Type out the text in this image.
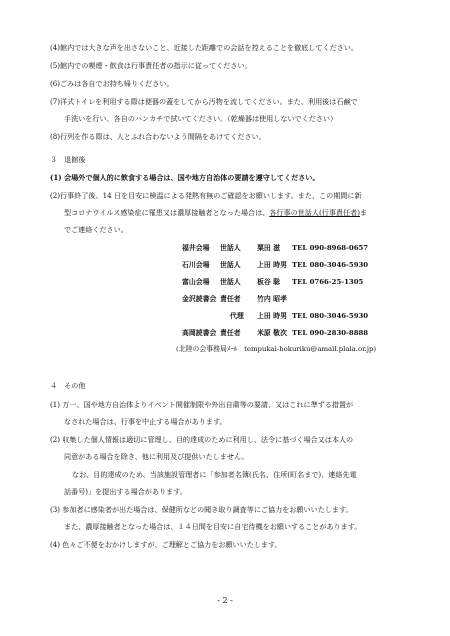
(4)館内では大きな声を出さないこと、近接した距離での会話を控えることを徹底してください。
(5)館内での喫煙・飲食は行事責任者の指示に従ってください。
(6)ごみは各自でお持ち帰りください。
(7)洋式トイレを利用する際は便器の蓋をしてから汚物を流してください。また、利用後は石鹸で
手洗いを行い、各自のハンカチで拭いてください。（乾燥器は使用しないでください）
(8)行列を作る際は、人とふれ合わないよう間隔をあけてください。
３　退館後
(1) 会場外で個人的に飲食する場合は、国や地方自治体の要請を遵守してください。
(2)行事終了後、14 日を目安に検温による発熱有無のご確認をお願いします。また、この期間に新
型コロナウイルス感染症に罹患又は濃厚接触者となった場合は、各行事の世話人(行事責任者)ま
でご連絡ください。
福井会場 世話人 粟田 滋 TEL 090-8968-0657
石川会場 世話人 上田 時男 TEL 080-3046-5930
富山会場 世話人 板谷 聡 TEL 0766-25-1305
金沢読書会 責任者 竹内 昭孝
代理 上田 時男 TEL 080-3046-5930
高岡読書会 責任者 米原 敬次 TEL 090-2830-8888
(北陸の会事務局ﾒｰﾙ　tempukai-hokuriku@amail.plala.or.jp)
４　その他
(1) 万一、国や地方自治体よりイベント開催制限や外出自粛等の要請、又はこれに準ずる措置が
なされた場合は、行事を中止する場合があります。
(2) 収集した個人情報は適切に管理し、目的達成のために利用し、法令に基づく場合又は本人の
同意がある場合を除き、他に利用及び提供いたしません。
なお、目的達成のため、当該施設管理者に「参加者名簿(氏名、住所(町名まで)、連絡先電
話番号)」を提出する場合があります。
(3) 参加者に感染者が出た場合は、保健所などの聞き取り調査等にご協力をお願いいたします。
また、濃厚接触者となった場合は、１４日間を目安に自宅待機をお願いすることがあります。
(4) 色々ご不便をおかけしますが、ご理解とご協力をお願いいたします。
- 2 -
